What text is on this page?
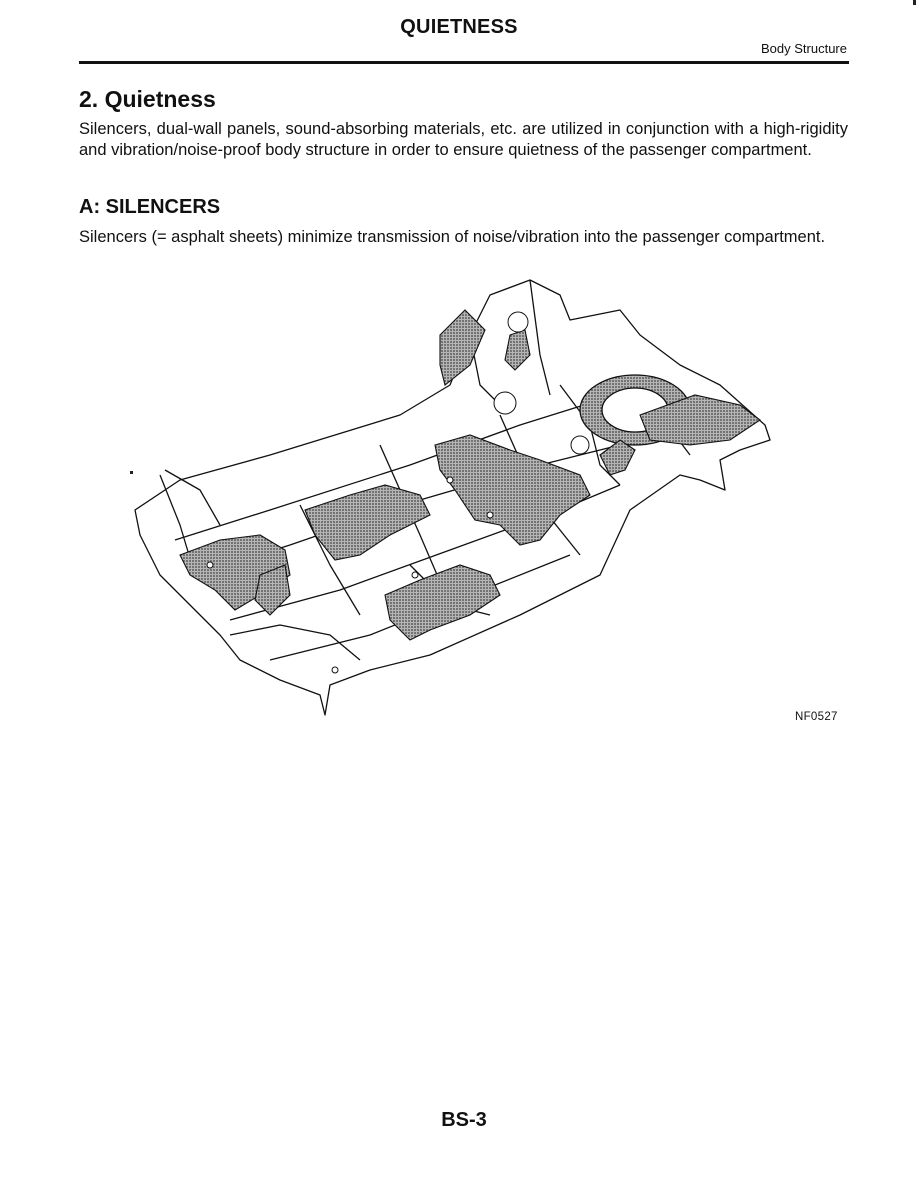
QUIETNESS
Body Structure
2. Quietness
Silencers, dual-wall panels, sound-absorbing materials, etc. are utilized in conjunction with a high-rigidity and vibration/noise-proof body structure in order to ensure quietness of the passenger compartment.
A: SILENCERS
Silencers (= asphalt sheets) minimize transmission of noise/vibration into the passenger compartment.
NF0527
BS-3
